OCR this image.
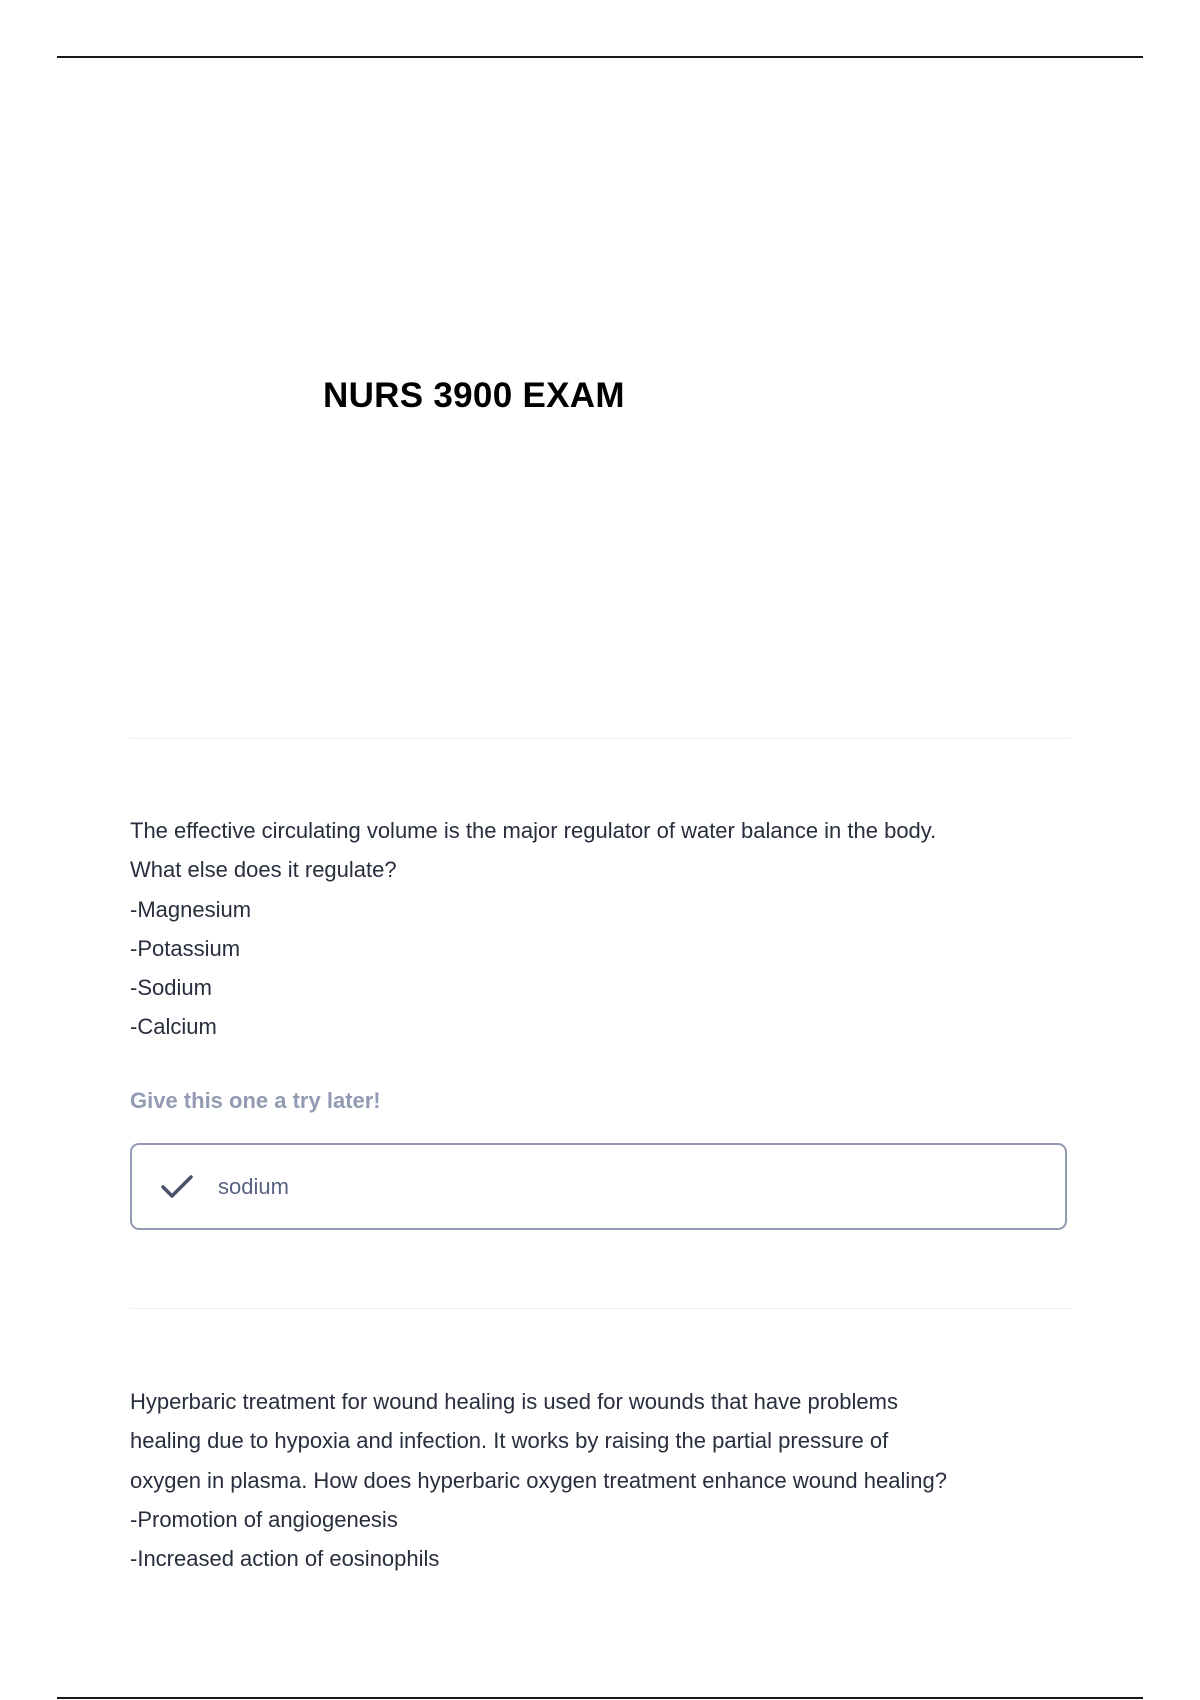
NURS 3900 EXAM

The effective circulating volume is the major regulator of water balance in the body.

What else does it regulate?

-Magnesium

-Potassium

-Sodium

-Calcium

Give this one a try later!
sodium

Hyperbaric treatment for wound healing is used for wounds that have problems

healing due to hypoxia and infection. It works by raising the partial pressure of

oxygen in plasma. How does hyperbaric oxygen treatment enhance wound healing?

-Promotion of angiogenesis

-Increased action of eosinophils
